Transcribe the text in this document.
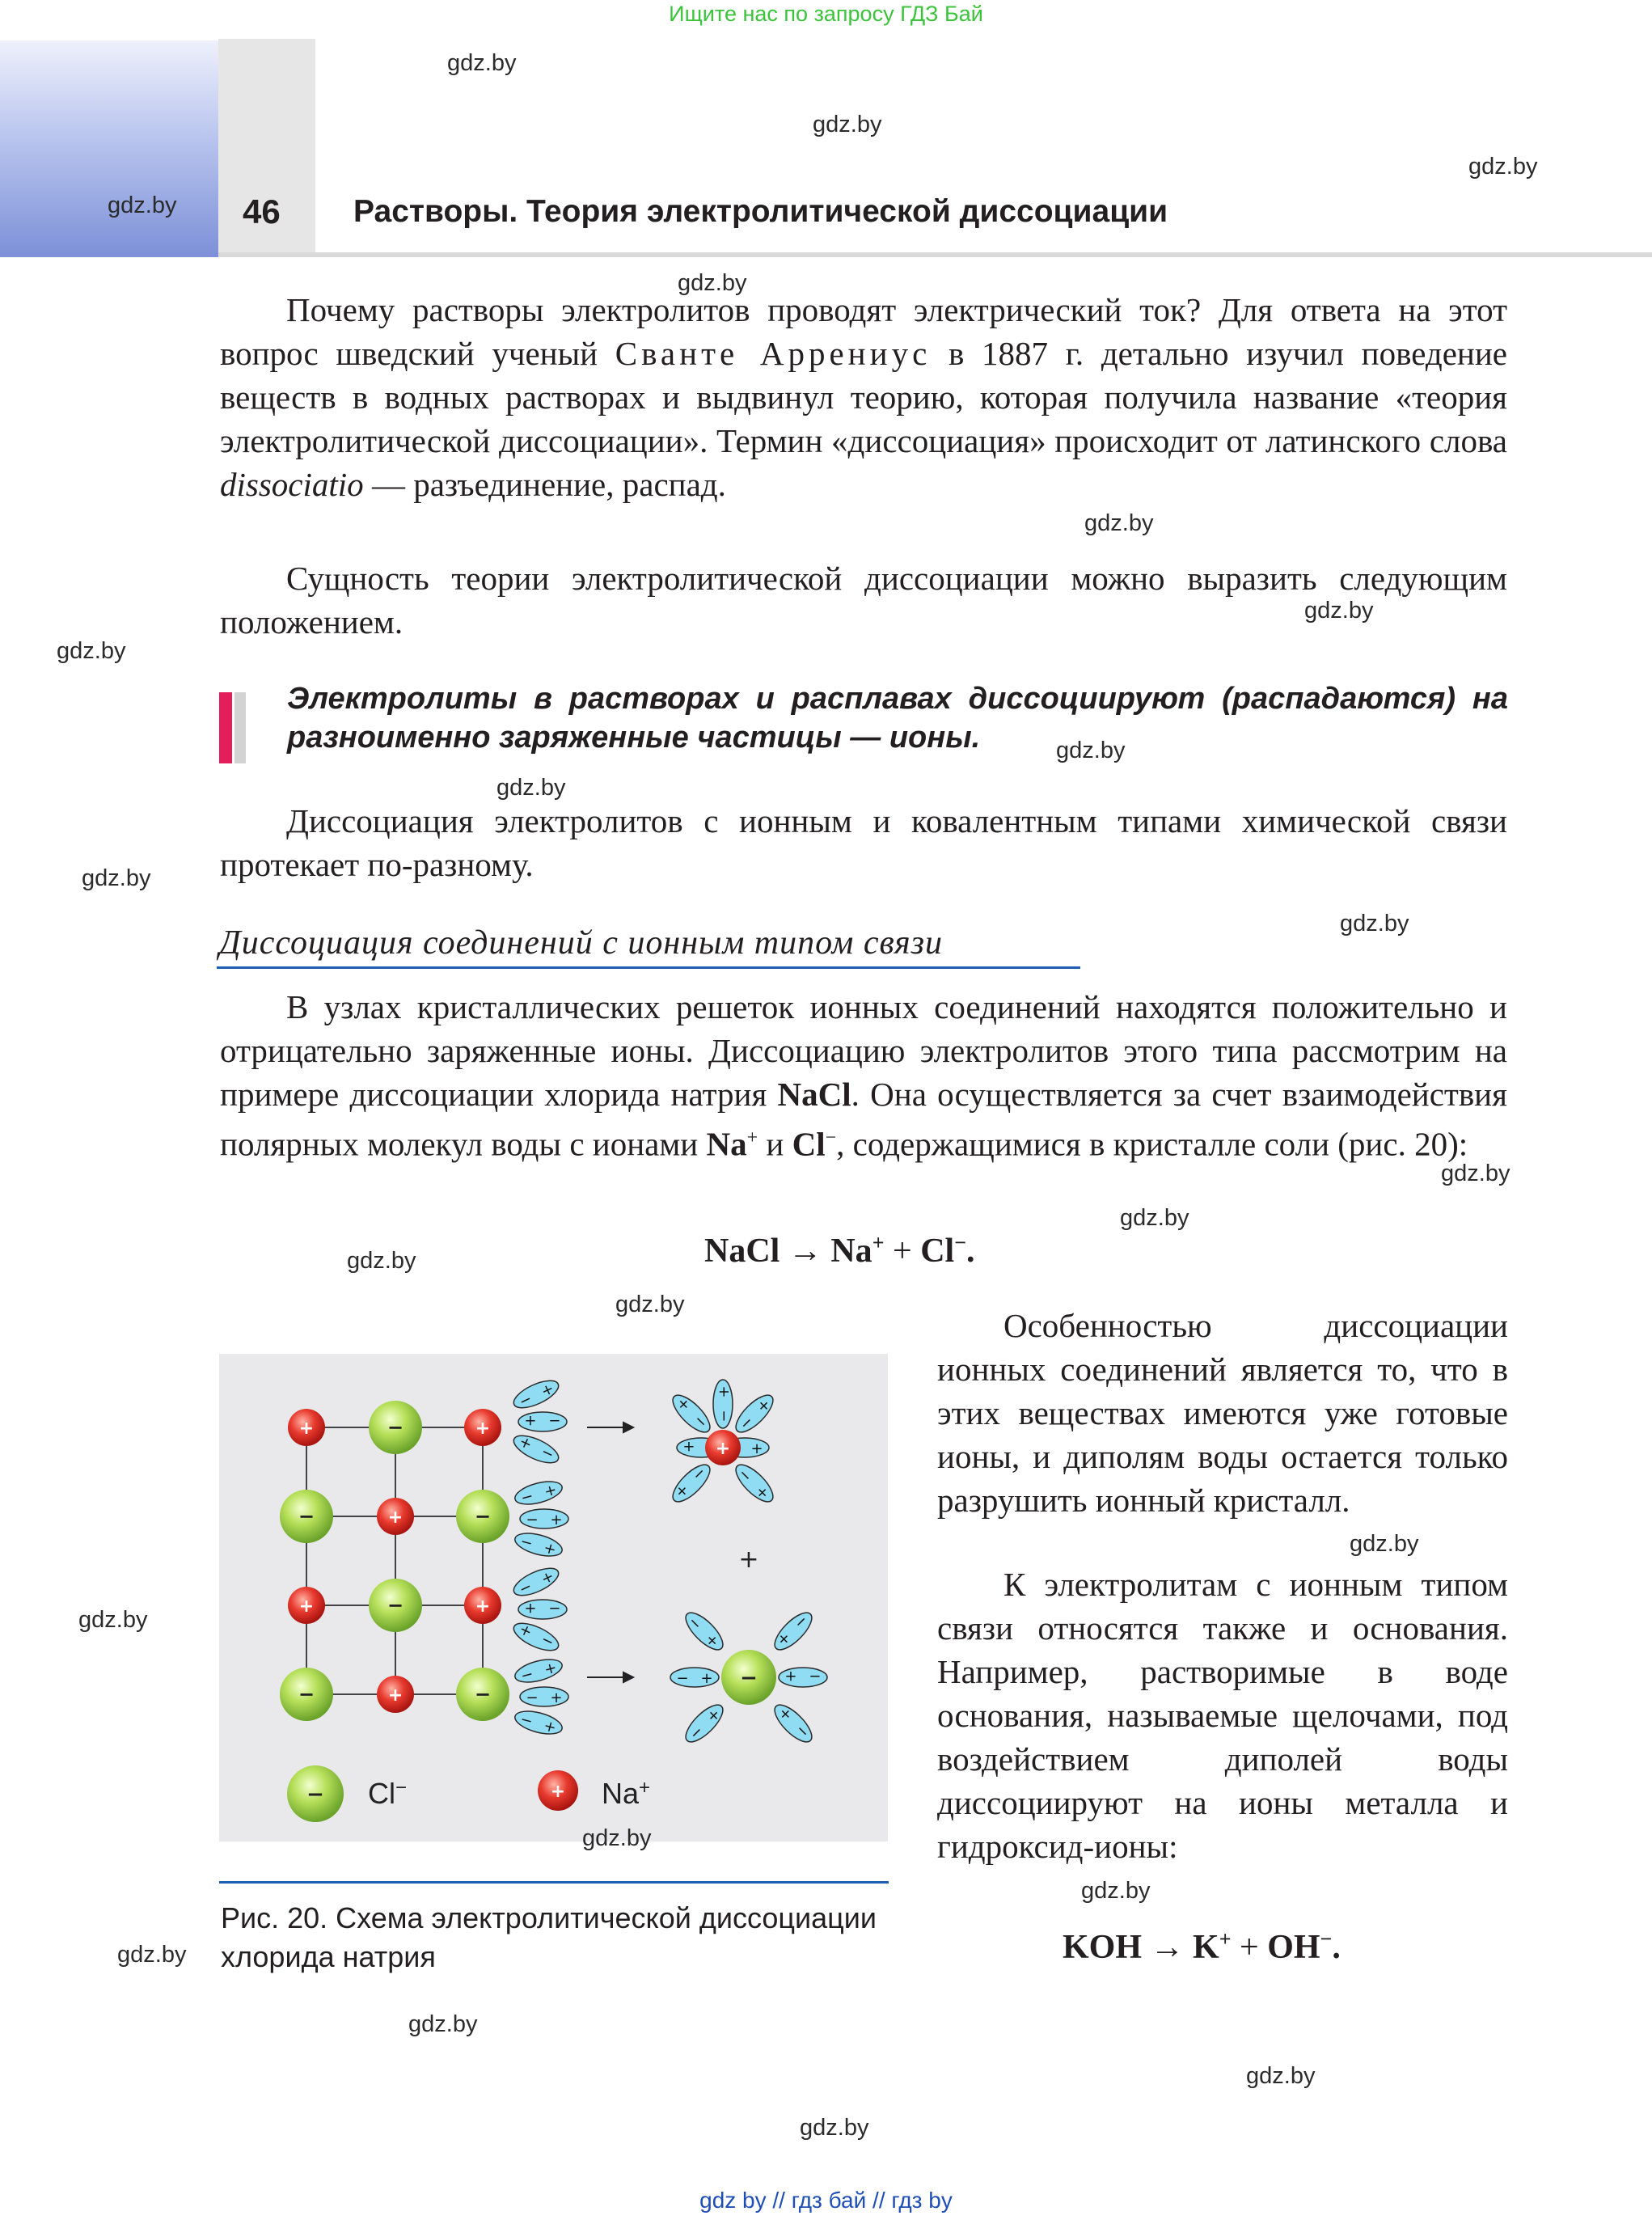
Ищите нас по запросу ГДЗ Бай
46 Растворы. Теория электролитической диссоциации
Почему растворы электролитов проводят электрический ток? Для ответа на этот вопрос шведский ученый Сванте Аррениус в 1887 г. детально изучил поведение веществ в водных растворах и выдвинул теорию, которая получила название «теория электролитической диссоциации». Термин «диссоциация» происходит от латинского слова dissociatio — разъединение, распад.
Сущность теории электролитической диссоциации можно выразить следующим положением.
Электролиты в растворах и расплавах диссоциируют (распадаются) на разноименно заряженные частицы — ионы.
Диссоциация электролитов с ионным и ковалентным типами химической связи протекает по-разному.
Диссоциация соединений с ионным типом связи
В узлах кристаллических решеток ионных соединений находятся положительно и отрицательно заряженные ионы. Диссоциацию электролитов этого типа рассмотрим на примере диссоциации хлорида натрия NaCl. Она осуществляется за счет взаимодействия полярных молекул воды с ионами Na+ и Cl−, содержащимися в кристалле соли (рис. 20):
NaCl → Na+ + Cl−.
− +
+	−	+
−	+	−
+	−	+
−	+	−
+
+
−
− Cl−	+ Na+
Рис. 20. Схема электролитической диссоциации хлорида натрия
Особенностью диссоциации ионных соединений является то, что в этих веществах имеются уже готовые ионы, и диполям воды остается только разрушить ионный кристалл.
К электролитам с ионным типом связи относятся также и основания. Например, растворимые в воде основания, называемые щелочами, под воздействием диполей воды диссоциируют на ионы металла и гидроксид-ионы:
KOH → K+ + OH−.
gdz.by
gdz.by
gdz.by
gdz.by
gdz.by
gdz.by
gdz.by
gdz.by
gdz.by
gdz.by
gdz.by
gdz.by
gdz.by
gdz.by
gdz.by
gdz.by
gdz.by
gdz.by
gdz.by
gdz.by
gdz.by
gdz.by
gdz.by
gdz.by
gdz by // гдз бай // гдз by
